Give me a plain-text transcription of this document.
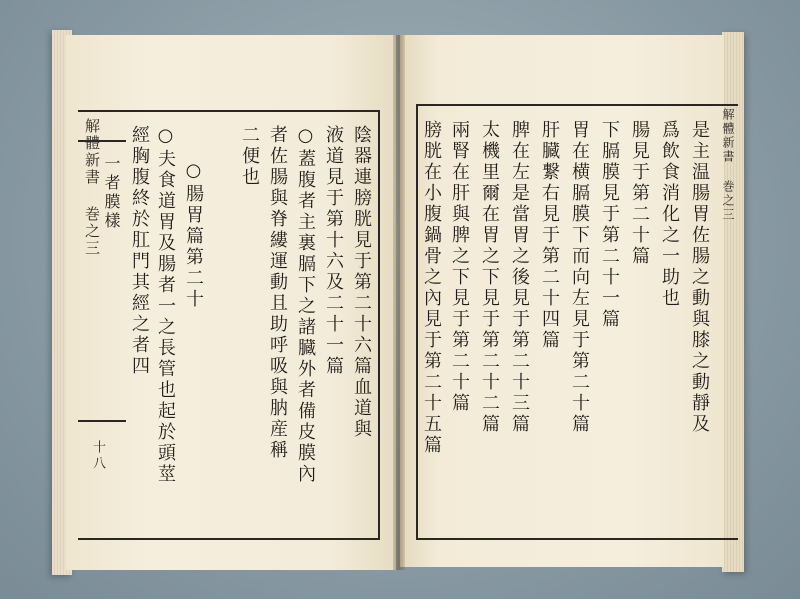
解體新書 巻之三
十八
解體新書 巻之三
陰器連膀胱見于第二十六篇血道與
液道見于第十六及二十一篇
○蓋腹者主裏膈下之諸臓外者備皮膜內
者佐腸與脊縷運動且助呼吸與肭産稱
二便也
○腸胃篇第二十
○夫食道胃及腸者一之長管也起於頭莖
經胸腹終於肛門其經之者四
一者膜樣	是主温腸胃佐腸之動與膝之動靜及
爲飲食消化之一助也
腸見于第二十篇
下膈膜見于第二十一篇
胃在横膈膜下而向左見于第二十篇
肝臓繋右見于第二十四篇
脾在左是當胃之後見于第二十三篇
太機里爾在胃之下見于第二十二篇
兩腎在肝與脾之下見于第二十篇
膀胱在小腹鍋骨之內見于第二十五篇
